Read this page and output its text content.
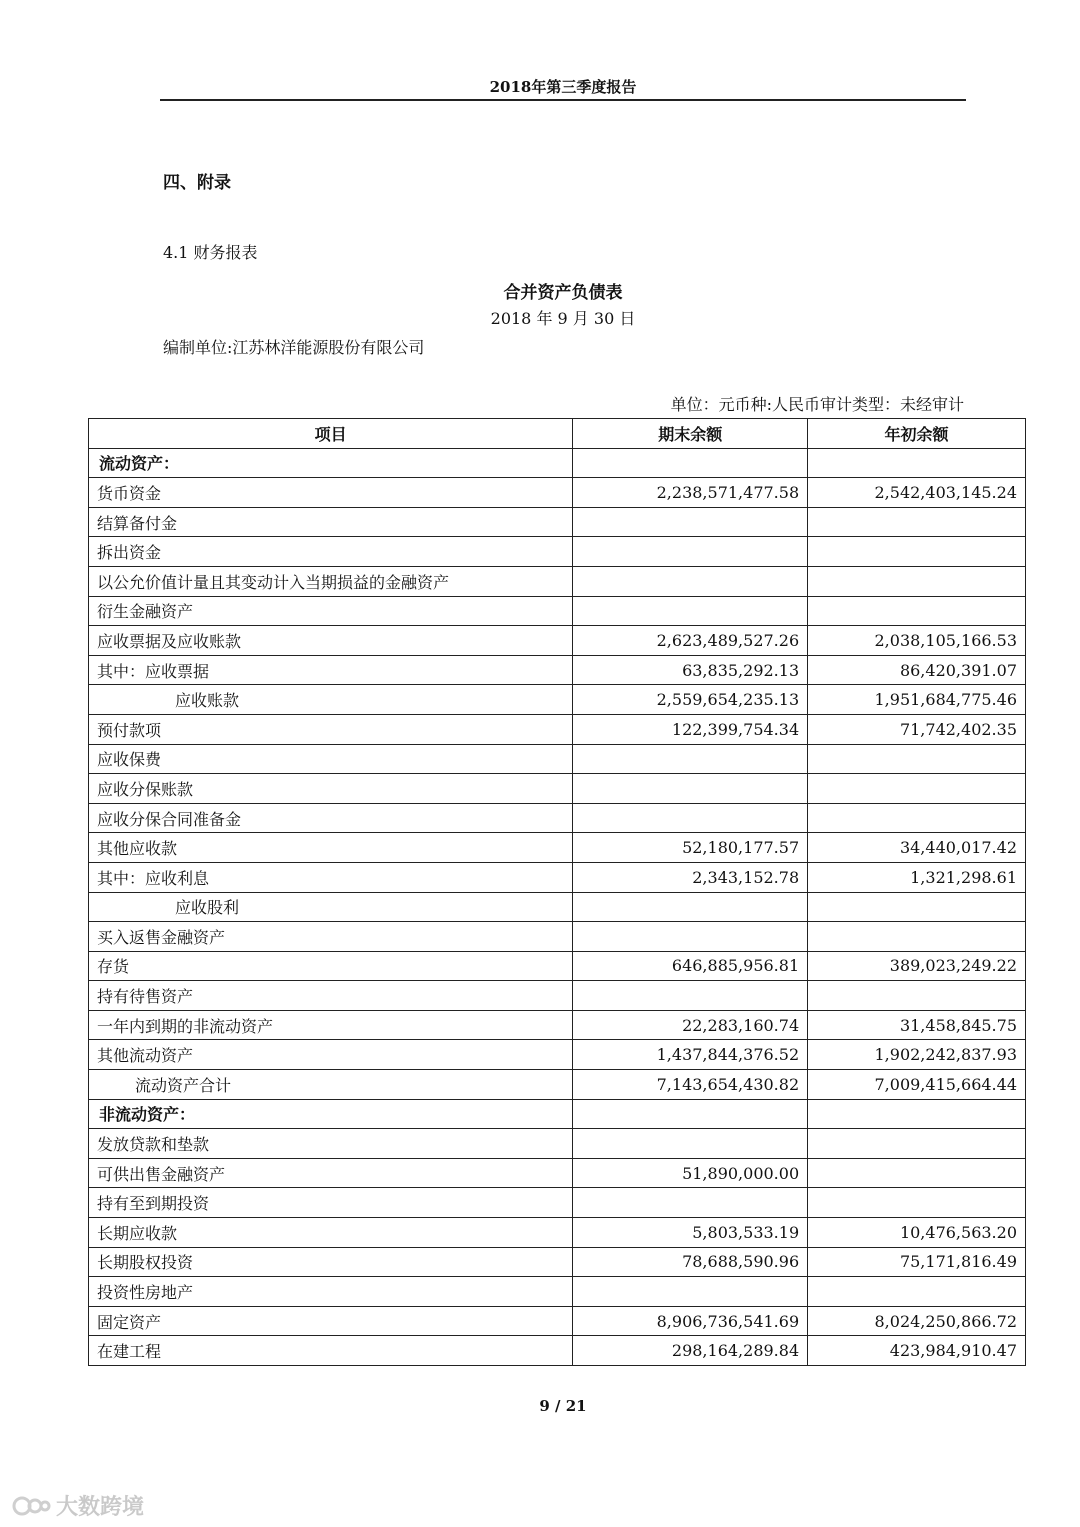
2018年第三季度报告
四、附录
4.1 财务报表
合并资产负债表
2018 年 9 月 30 日
编制单位:江苏林洋能源股份有限公司
单位：元币种:人民币审计类型：未经审计
项目	期末余额	年初余额
流动资产：		
货币资金	2,238,571,477.58	2,542,403,145.24
结算备付金		
拆出资金		
以公允价值计量且其变动计入当期损益的金融资产		
衍生金融资产		
应收票据及应收账款	2,623,489,527.26	2,038,105,166.53
其中：应收票据	63,835,292.13	86,420,391.07
应收账款	2,559,654,235.13	1,951,684,775.46
预付款项	122,399,754.34	71,742,402.35
应收保费		
应收分保账款		
应收分保合同准备金		
其他应收款	52,180,177.57	34,440,017.42
其中：应收利息	2,343,152.78	1,321,298.61
应收股利		
买入返售金融资产		
存货	646,885,956.81	389,023,249.22
持有待售资产		
一年内到期的非流动资产	22,283,160.74	31,458,845.75
其他流动资产	1,437,844,376.52	1,902,242,837.93
流动资产合计	7,143,654,430.82	7,009,415,664.44
非流动资产：		
发放贷款和垫款		
可供出售金融资产	51,890,000.00	
持有至到期投资		
长期应收款	5,803,533.19	10,476,563.20
长期股权投资	78,688,590.96	75,171,816.49
投资性房地产		
固定资产	8,906,736,541.69	8,024,250,866.72
在建工程	298,164,289.84	423,984,910.47
9 / 21
大数跨境
